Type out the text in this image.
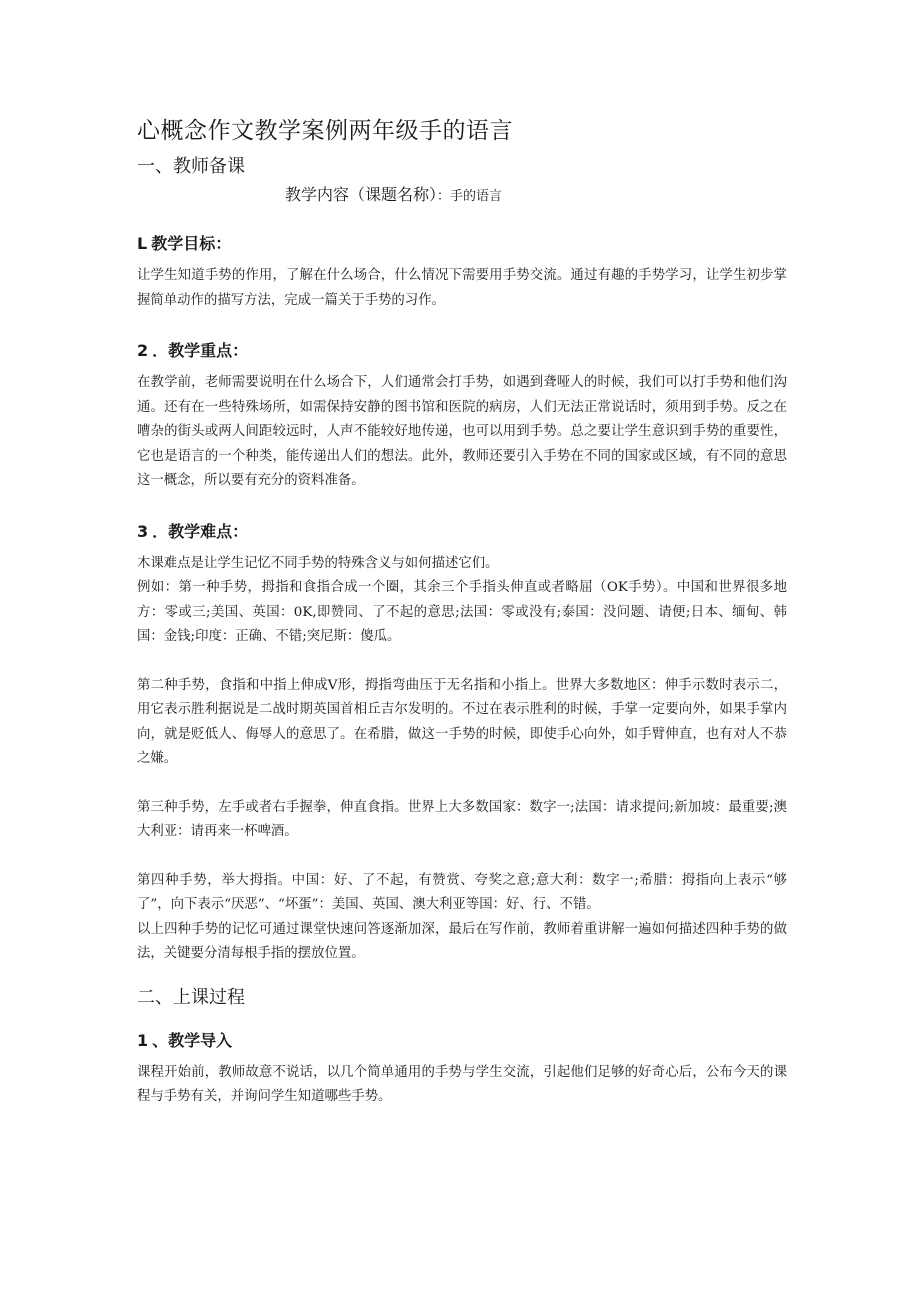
心概念作文教学案例两年级手的语言
一、教师备课
教学内容（课题名称）：手的语言
L 教学目标：

让学生知道手势的作用，了解在什么场合，什么情况下需要用手势交流。通过有趣的手势学习，让学生初步掌握简单动作的描写方法，完成一篇关于手势的习作。

2 ．教学重点：

在教学前，老师需要说明在什么场合下，人们通常会打手势，如遇到聋哑人的时候，我们可以打手势和他们沟通。还有在一些特殊场所，如需保持安静的图书馆和医院的病房，人们无法正常说话时，须用到手势。反之在嘈杂的街头或两人间距较远时，人声不能较好地传递，也可以用到手势。总之要让学生意识到手势的重要性，它也是语言的一个种类，能传递出人们的想法。此外，教师还要引入手势在不同的国家或区域，有不同的意思这一概念，所以要有充分的资料准备。

3 ．教学难点：

木课难点是让学生记忆不同手势的特殊含义与如何描述它们。

例如：第一种手势，拇指和食指合成一个圈，其余三个手指头伸直或者略屈（OK手势）。中国和世界很多地方：零或三;美国、英国：0K,即赞同、了不起的意思;法国：零或没有;泰国：没问题、请便;日本、缅甸、韩国：金钱;印度：正确、不错;突尼斯：傻瓜。

第二种手势，食指和中指上伸成V形，拇指弯曲压于无名指和小指上。世界大多数地区：伸手示数时表示二，用它表示胜利据说是二战时期英国首相丘吉尔发明的。不过在表示胜利的时候，手掌一定要向外，如果手掌内向，就是贬低人、侮辱人的意思了。在希腊，做这一手势的时候，即使手心向外，如手臂伸直，也有对人不恭之嫌。

第三种手势，左手或者右手握拳，伸直食指。世界上大多数国家：数字一;法国：请求提问;新加坡：最重要;澳大利亚：请再来一杯啤酒。

第四种手势，举大拇指。中国：好、了不起，有赞赏、夸奖之意;意大利：数字一;希腊：拇指向上表示“够了”，向下表示“厌恶”、“坏蛋”：美国、英国、澳大利亚等国：好、行、不错。

以上四种手势的记忆可通过课堂快速问答逐渐加深，最后在写作前，教师着重讲解一遍如何描述四种手势的做法，关键要分清每根手指的摆放位置。

二、上课过程
1 、教学导入

课程开始前，教师故意不说话，以几个简单通用的手势与学生交流，引起他们足够的好奇心后，公布今天的课程与手势有关，并询问学生知道哪些手势。
